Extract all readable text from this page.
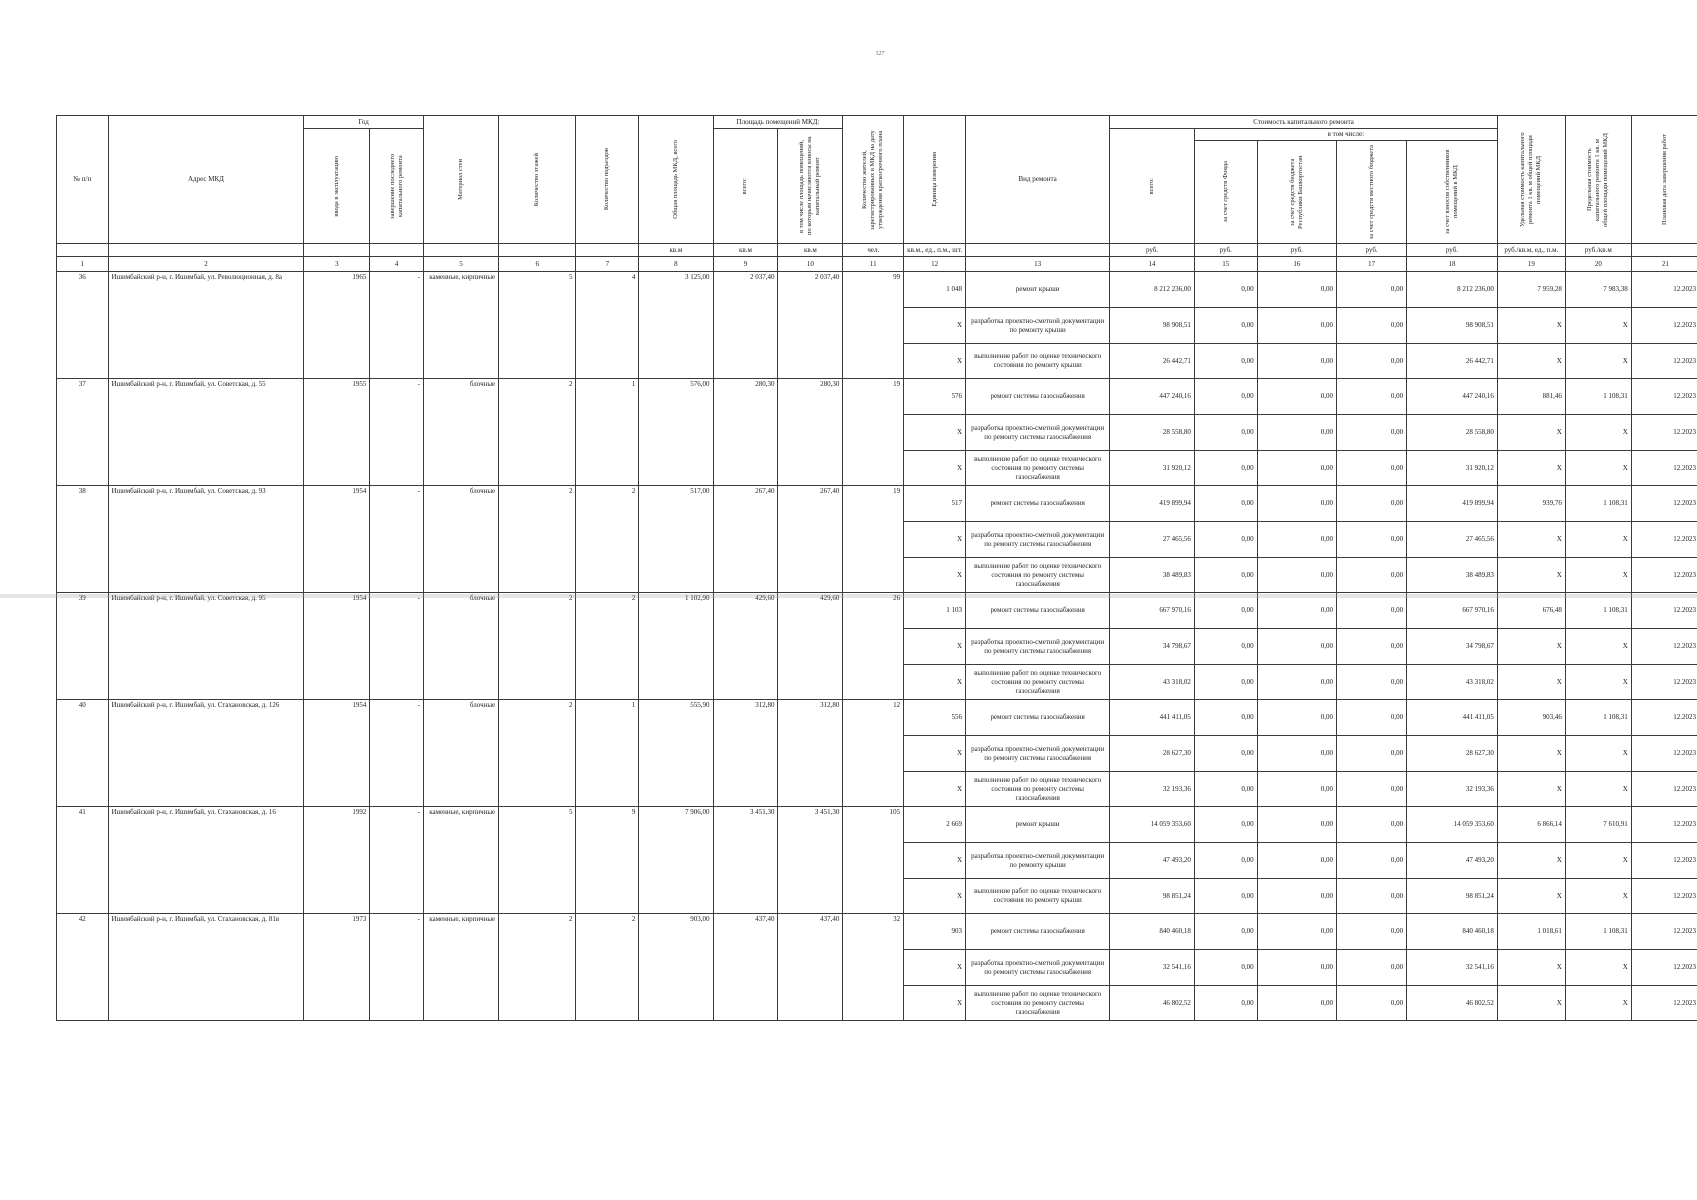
327
№ п/п	Адрес МКД	Год		Материал стен	Количество этажей	Количество подъездов	Общая площадь МКД, всего	Площадь помещений МКД:		Количество жителей, зарегистрированных в МКД на дату утверждения краткосрочного плана	Единица измерения	Вид ремонта	Стоимость капитального ремонта					Удельная стоимость капитального ремонта 1 кв. м общей площади помещений МКД	Предельная стоимость капитального ремонта 1 кв. м общей площади помещений МКД	Плановая дата завершения работ

		ввода в эксплуатацию	завершение последнего капитального ремонта					всего:	в том числе площадь помещений, по которым начисляются взносы на капитальный ремонт				всего:	в том числе:						

														за счет средств Фонда	за счет средств бюджета Республики Башкортостан	за счет средств местного бюджета	за счет взносов собственников помещений в МКД			

							кв.м	кв.м	кв.м	чел.	кв.м., ед., п.м., шт.		руб.	руб.	руб.	руб.	руб.	руб./кв.м, ед., п.м.	руб./кв.м	
1	2	3	4	5	6	7	8	9	10	11	12	13	14	15	16	17	18	19	20	21
36	Ишимбайский р-н, г. Ишимбай, ул. Революционная, д. 8а	1965	-	каменные, кирпичные	5	4	3 125,00	2 037,40	2 037,40	99	1 048	ремонт крыши	8 212 236,00	0,00	0,00	0,00	8 212 236,00	7 959,28	7 983,38	12.2023
											X	разработка проектно-сметной документации по ремонту крыши	98 908,51	0,00	0,00	0,00	98 908,51	X	X	12.2023
											X	выполнение работ по оценке технического состояния по ремонту крыши	26 442,71	0,00	0,00	0,00	26 442,71	X	X	12.2023
37	Ишимбайский р-н, г. Ишимбай, ул. Советская, д. 55	1955	-	блочные	2	1	576,00	280,30	280,30	19	576	ремонт системы газоснабжения	447 240,16	0,00	0,00	0,00	447 240,16	881,46	1 108,31	12.2023
											X	разработка проектно-сметной документации по ремонту системы газоснабжения	28 558,80	0,00	0,00	0,00	28 558,80	X	X	12.2023
											X	выполнение работ по оценке технического состояния по ремонту системы газоснабжения	31 920,12	0,00	0,00	0,00	31 920,12	X	X	12.2023
38	Ишимбайский р-н, г. Ишимбай, ул. Советская, д. 93	1954	-	блочные	2	2	517,00	267,40	267,40	19	517	ремонт системы газоснабжения	419 899,94	0,00	0,00	0,00	419 899,94	939,76	1 108,31	12.2023
											X	разработка проектно-сметной документации по ремонту системы газоснабжения	27 465,56	0,00	0,00	0,00	27 465,56	X	X	12.2023
											X	выполнение работ по оценке технического состояния по ремонту системы газоснабжения	38 489,83	0,00	0,00	0,00	38 489,83	X	X	12.2023
39	Ишимбайский р-н, г. Ишимбай, ул. Советская, д. 95	1954	-	блочные	2	2	1 102,90	429,60	429,60	26	1 103	ремонт системы газоснабжения	667 970,16	0,00	0,00	0,00	667 970,16	676,48	1 108,31	12.2023
											X	разработка проектно-сметной документации по ремонту системы газоснабжения	34 798,67	0,00	0,00	0,00	34 798,67	X	X	12.2023
											X	выполнение работ по оценке технического состояния по ремонту системы газоснабжения	43 318,02	0,00	0,00	0,00	43 318,02	X	X	12.2023
40	Ишимбайский р-н, г. Ишимбай, ул. Стахановская, д. 126	1954	-	блочные	2	1	555,90	312,80	312,80	12	556	ремонт системы газоснабжения	441 411,05	0,00	0,00	0,00	441 411,05	903,46	1 108,31	12.2023
											X	разработка проектно-сметной документации по ремонту системы газоснабжения	28 627,30	0,00	0,00	0,00	28 627,30	X	X	12.2023
											X	выполнение работ по оценке технического состояния по ремонту системы газоснабжения	32 193,36	0,00	0,00	0,00	32 193,36	X	X	12.2023
41	Ишимбайский р-н, г. Ишимбай, ул. Стахановская, д. 16	1992	-	каменные, кирпичные	5	9	7 906,00	3 451,30	3 451,30	105	2 669	ремонт крыши	14 059 353,60	0,00	0,00	0,00	14 059 353,60	6 866,14	7 610,91	12.2023
											X	разработка проектно-сметной документации по ремонту крыши	47 493,20	0,00	0,00	0,00	47 493,20	X	X	12.2023
											X	выполнение работ по оценке технического состояния по ремонту крыши	98 851,24	0,00	0,00	0,00	98 851,24	X	X	12.2023
42	Ишимбайский р-н, г. Ишимбай, ул. Стахановская, д. 81в	1973	-	каменные, кирпичные	2	2	903,00	437,40	437,40	32	903	ремонт системы газоснабжения	840 460,18	0,00	0,00	0,00	840 460,18	1 018,61	1 108,31	12.2023
											X	разработка проектно-сметной документации по ремонту системы газоснабжения	32 541,16	0,00	0,00	0,00	32 541,16	X	X	12.2023
											X	выполнение работ по оценке технического состояния по ремонту системы газоснабжения	46 802,52	0,00	0,00	0,00	46 802,52	X	X	12.2023
